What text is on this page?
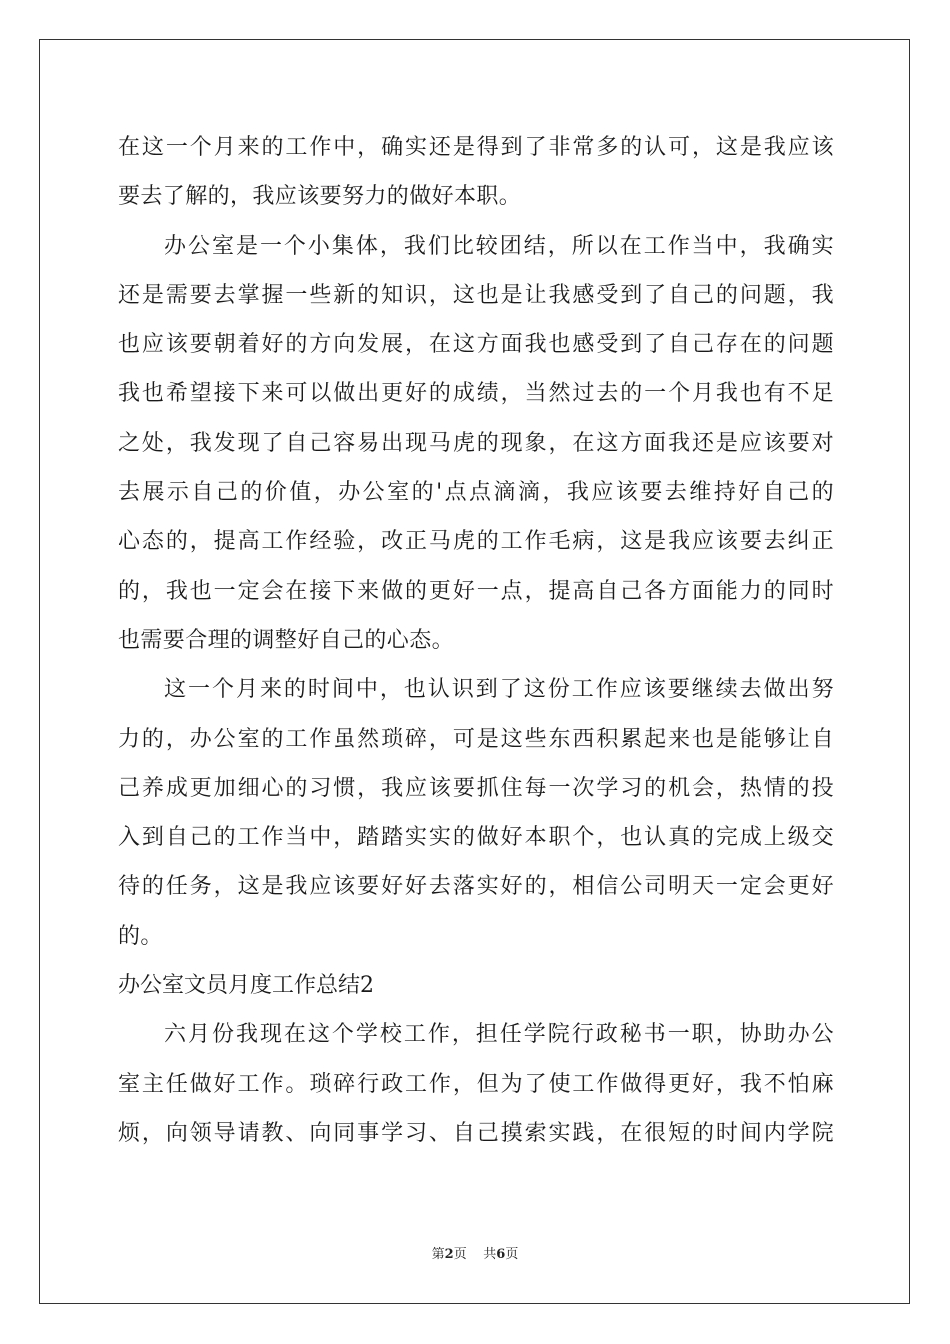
在这一个月来的工作中，确实还是得到了非常多的认可，这是我应该
要去了解的，我应该要努力的做好本职。
办公室是一个小集体，我们比较团结，所以在工作当中，我确实
还是需要去掌握一些新的知识，这也是让我感受到了自己的问题，我
也应该要朝着好的方向发展，在这方面我也感受到了自己存在的问题
我也希望接下来可以做出更好的成绩，当然过去的一个月我也有不足
之处，我发现了自己容易出现马虎的现象，在这方面我还是应该要对
去展示自己的价值，办公室的'点点滴滴，我应该要去维持好自己的
心态的，提高工作经验，改正马虎的工作毛病，这是我应该要去纠正
的，我也一定会在接下来做的更好一点，提高自己各方面能力的同时
也需要合理的调整好自己的心态。
这一个月来的时间中，也认识到了这份工作应该要继续去做出努
力的，办公室的工作虽然琐碎，可是这些东西积累起来也是能够让自
己养成更加细心的习惯，我应该要抓住每一次学习的机会，热情的投
入到自己的工作当中，踏踏实实的做好本职个，也认真的完成上级交
待的任务，这是我应该要好好去落实好的，相信公司明天一定会更好
的。
办公室文员月度工作总结2
六月份我现在这个学校工作，担任学院行政秘书一职，协助办公
室主任做好工作。琐碎行政工作，但为了使工作做得更好，我不怕麻
烦，向领导请教、向同事学习、自己摸索实践，在很短的时间内学院
第2页 共6页
